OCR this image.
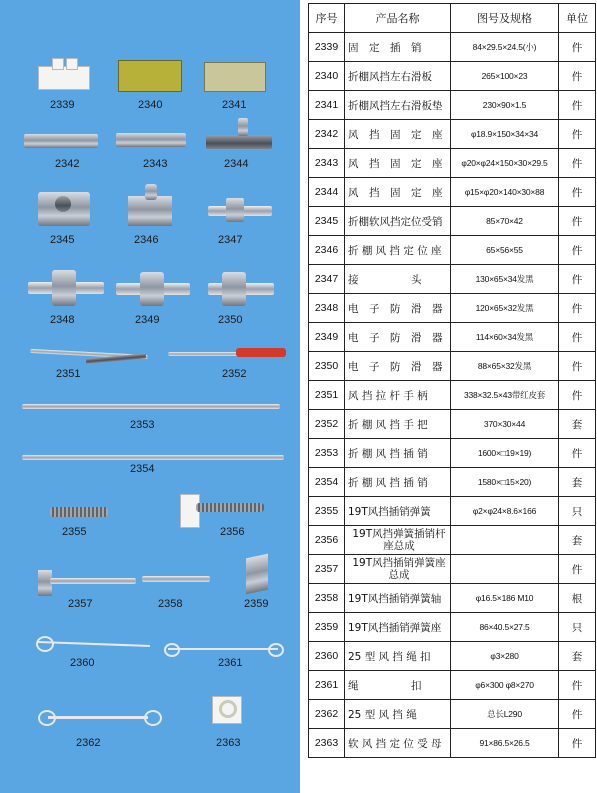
2339	2340	2341
2342	2343	2344
2345	2346	2347
2348	2349	2350
2351	2352
2353
2354
2355	2356
2357	2358	2359
2360	2361
2362	2363
序号	产品名称	图号及规格	单位
2339	固　定　插　销	84×29.5×24.5(小)	件
2340	折棚风挡左右滑板	265×100×23	件
2341	折棚风挡左右滑板垫	230×90×1.5	件
2342	风　挡　固　定　座	φ18.9×150×34×34	件
2343	风　挡　固　定　座	φ20×φ24×150×30×29.5	件
2344	风　挡　固　定　座	φ15×φ20×140×30×88	件
2345	折棚软风挡定位受销	85×70×42	件
2346	折 棚 风 挡 定 位 座	65×56×55	件
2347	接　　　　　头	130×65×34发黑	件
2348	电　子　防　滑　器	120×65×32发黑	件
2349	电　子　防　滑　器	114×60×34发黑	件
2350	电　子　防　滑　器	88×65×32发黑	件
2351	风 挡 拉 杆 手 柄	338×32.5×43带红皮套	件
2352	折 棚 风 挡 手 把	370×30×44	套
2353	折 棚 风 挡 插 销	1600×□19×19)	件
2354	折 棚 风 挡 插 销	1580×□15×20)	套
2355	19T风挡插销弹簧	φ2×φ24×8.6×166	只
2356	19T风挡弹簧插销杆座总成		套
2357	19T风挡插销弹簧座总成		件
2358	19T风挡插销弹簧轴	φ16.5×186 M10	根
2359	19T风挡插销弹簧座	86×40.5×27.5	只
2360	25 型 风 挡 绳 扣	φ3×280	套
2361	绳　　　　　扣	φ6×300 φ8×270	件
2362	25 型 风 挡 绳	总长L290	件
2363	软 风 挡 定 位 受 母	91×86.5×26.5	件
